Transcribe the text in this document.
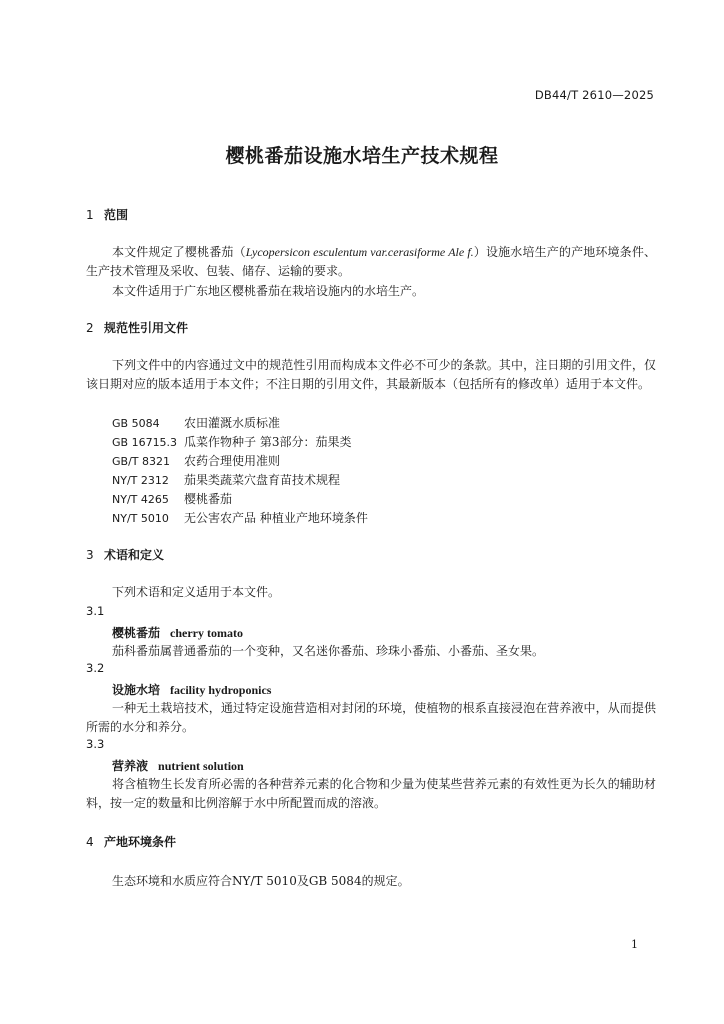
DB44/T 2610—2025
樱桃番茄设施水培生产技术规程
1 范围
本文件规定了樱桃番茄（Lycopersicon esculentum var.cerasiforme Ale f.）设施水培生产的产地环境条件、生产技术管理及采收、包装、储存、运输的要求。
本文件适用于广东地区樱桃番茄在栽培设施内的水培生产。
2 规范性引用文件
下列文件中的内容通过文中的规范性引用而构成本文件必不可少的条款。其中，注日期的引用文件，仅该日期对应的版本适用于本文件；不注日期的引用文件，其最新版本（包括所有的修改单）适用于本文件。
GB 5084 农田灌溉水质标准
GB 16715.3 瓜菜作物种子 第3部分：茄果类
GB/T 8321 农药合理使用准则
NY/T 2312 茄果类蔬菜穴盘育苗技术规程
NY/T 4265 樱桃番茄
NY/T 5010 无公害农产品 种植业产地环境条件
3 术语和定义
下列术语和定义适用于本文件。
3.1
樱桃番茄 cherry tomato
茄科番茄属普通番茄的一个变种，又名迷你番茄、珍珠小番茄、小番茄、圣女果。
3.2
设施水培 facility hydroponics
一种无土栽培技术，通过特定设施营造相对封闭的环境，使植物的根系直接浸泡在营养液中，从而提供所需的水分和养分。
3.3
营养液 nutrient solution
将含植物生长发育所必需的各种营养元素的化合物和少量为使某些营养元素的有效性更为长久的辅助材料，按一定的数量和比例溶解于水中所配置而成的溶液。
4 产地环境条件
生态环境和水质应符合NY/T 5010及GB 5084的规定。
1
